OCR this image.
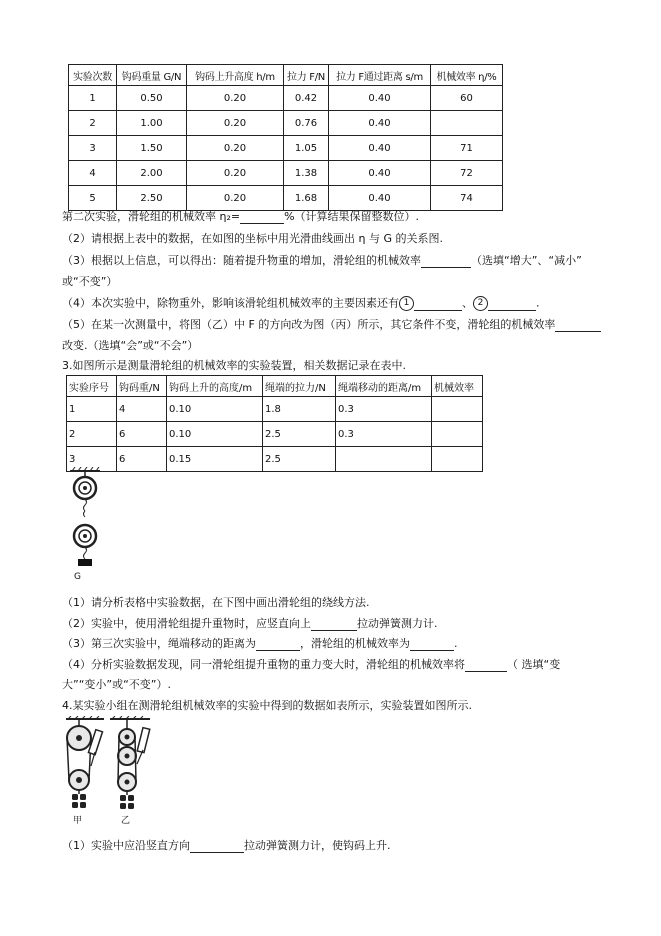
实验次数	钩码重量 G/N	钩码上升高度 h/m	拉力 F/N	拉力 F通过距离 s/m	机械效率 η/%
1	0.50	0.20	0.42	0.40	60
2	1.00	0.20	0.76	0.40	
3	1.50	0.20	1.05	0.40	71
4	2.00	0.20	1.38	0.40	72
5	2.50	0.20	1.68	0.40	74
第二次实验，滑轮组的机械效率 η₂=	%（计算结果保留整数位）.
（2）请根据上表中的数据，在如图的坐标中用光滑曲线画出 η 与 G 的关系图.
（3）根据以上信息，可以得出：随着提升物重的增加，滑轮组的机械效率	（选填“增大”、“减小”
或“不变”）
（4）本次实验中，除物重外，影响该滑轮组机械效率的主要因素还有 1	、 2	.
（5）在某一次测量中，将图（乙）中 F 的方向改为图（丙）所示，其它条件不变，滑轮组的机械效率
改变.（选填“会”或“不会”）
3.如图所示是测量滑轮组的机械效率的实验装置，相关数据记录在表中.
实验序号	钩码重/N	钩码上升的高度/m	绳端的拉力/N	绳端移动的距离/m	机械效率
1	4	0.10	1.8	0.3	
2	6	0.10	2.5	0.3	
3	6	0.15	2.5		
G
（1）请分析表格中实验数据，在下图中画出滑轮组的绕线方法.
（2）实验中，使用滑轮组提升重物时，应竖直向上	拉动弹簧测力计.
（3）第三次实验中，绳端移动的距离为	，滑轮组的机械效率为	.
（4）分析实验数据发现，同一滑轮组提升重物的重力变大时，滑轮组的机械效率将	（ 选填“变
大”“变小”或“不变”）.
4.某实验小组在测滑轮组机械效率的实验中得到的数据如表所示，实验装置如图所示.
甲	乙
（1）实验中应沿竖直方向	拉动弹簧测力计，使钩码上升.
